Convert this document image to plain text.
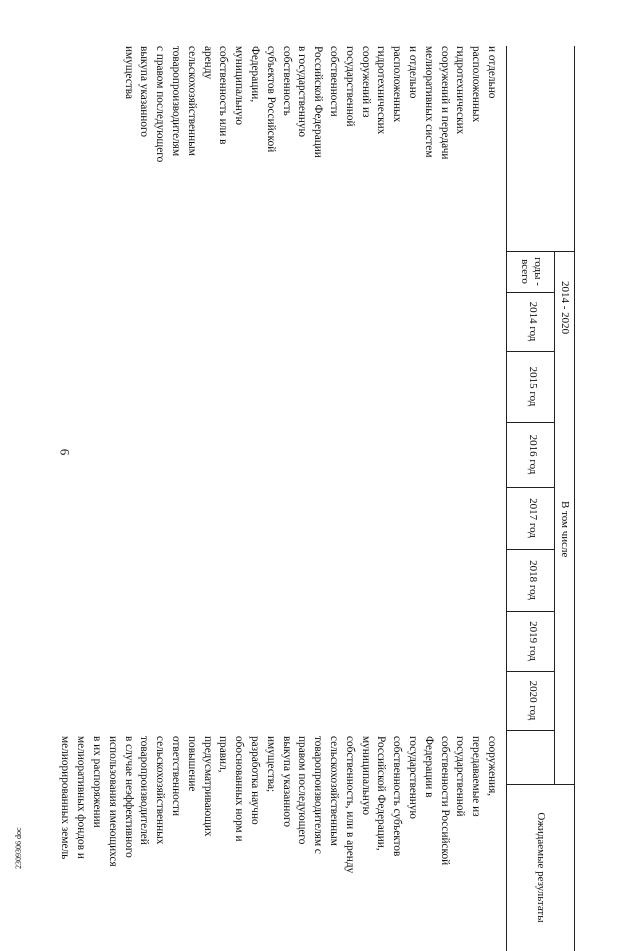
6
2309306 doc
2014 - 2020
В том числе
годы -
всего
2014 год
2015 год
2016 год
2017 год
2018 год
2019 год
2020 год
Ожидаемые результаты
и отдельно
расположенных
гидротехнических
сооружений и передачи
мелиоративных систем
и отдельно
расположенных
гидротехнических
сооружений из
государственной
собственности
Российской Федерации
в государственную
собственность
субъектов Российской
Федерации,
муниципальную
собственность или в
аренду
сельскохозяйственным
товаропроизводителям
с правом последующего
выкупа указанного
имущества
сооружения,
передаваемые из
государственной
собственности Российской
Федерации в
государственную
собственность субъектов
Российской Федерации,
муниципальную
собственность, или в аренду
сельскохозяйственным
товаропроизводителям с
правом последующего
выкупа указанного
имущества;
разработка научно
обоснованных норм и
правил,
предусматривающих
повышение
ответственности
сельскохозяйственных
товаропроизводителей
в случае неэффективного
использования имеющихся
в их распоряжении
мелиоративных фондов и
мелиорированных земель
